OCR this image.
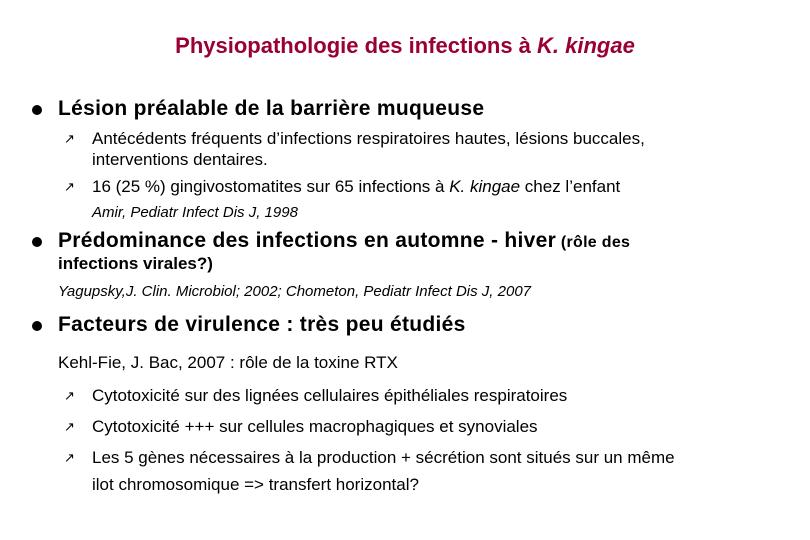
Physiopathologie des infections à K. kingae
Lésion préalable de la barrière muqueuse
↗ Antécédents fréquents d’infections respiratoires hautes, lésions buccales,
interventions dentaires.
↗ 16 (25 %) gingivostomatites sur 65 infections à K. kingae chez l’enfant
Amir, Pediatr Infect Dis J, 1998
Prédominance des infections en automne - hiver (rôle des
infections virales?)
Yagupsky,J. Clin. Microbiol; 2002; Chometon, Pediatr Infect Dis J, 2007
Facteurs de virulence : très peu étudiés
Kehl-Fie, J. Bac, 2007 : rôle de la toxine RTX
↗ Cytotoxicité sur des lignées cellulaires épithéliales respiratoires
↗ Cytotoxicité +++ sur cellules macrophagiques et synoviales
↗ Les 5 gènes nécessaires à la production + sécrétion sont situés sur un même
ilot chromosomique => transfert horizontal?
